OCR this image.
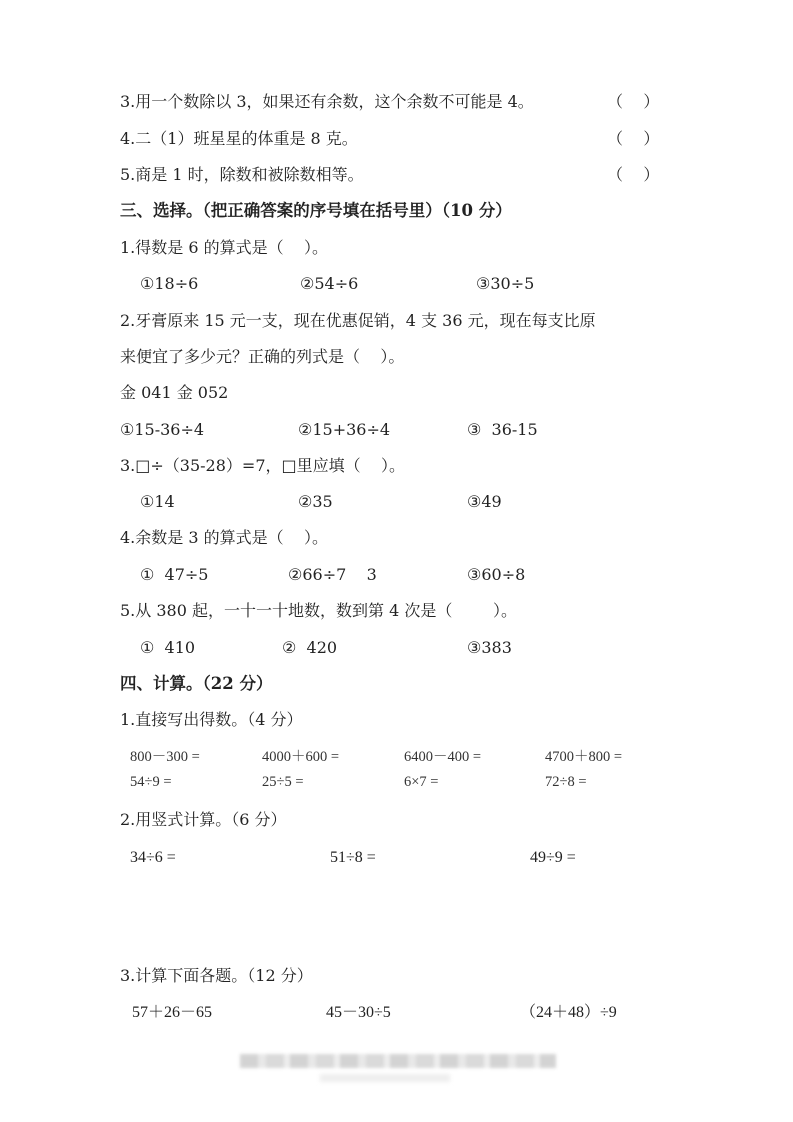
3.用一个数除以 3，如果还有余数，这个余数不可能是 4。	（    ）
4.二（1）班星星的体重是 8 克。	（    ）
5.商是 1 时，除数和被除数相等。	（    ）
三、选择。（把正确答案的序号填在括号里）（10 分）
1.得数是 6 的算式是（    ）。
①18÷6	②54÷6	③30÷5
2.牙膏原来 15 元一支，现在优惠促销，4 支 36 元，现在每支比原
来便宜了多少元？正确的列式是（    ）。
金 041 金 052
①15-36÷4	②15+36÷4	③  36-15
3.□÷（35-28）=7，□里应填（    ）。
①14	②35	③49
4.余数是 3 的算式是（    ）。
①  47÷5	②66÷7    3	③60÷8
5.从 380 起，一十一十地数，数到第 4 次是（        ）。
①  410	②  420	③383
四、计算。（22 分）
1.直接写出得数。（4 分）
800－300 =	4000＋600 =	6400－400 =	4700＋800 =
54÷9 =	25÷5 =	6×7 =	72÷8 =
2.用竖式计算。（6 分）
34÷6 =	51÷8 =	49÷9 =
3.计算下面各题。（12 分）
57＋26－65	45－30÷5	（24＋48）÷9
